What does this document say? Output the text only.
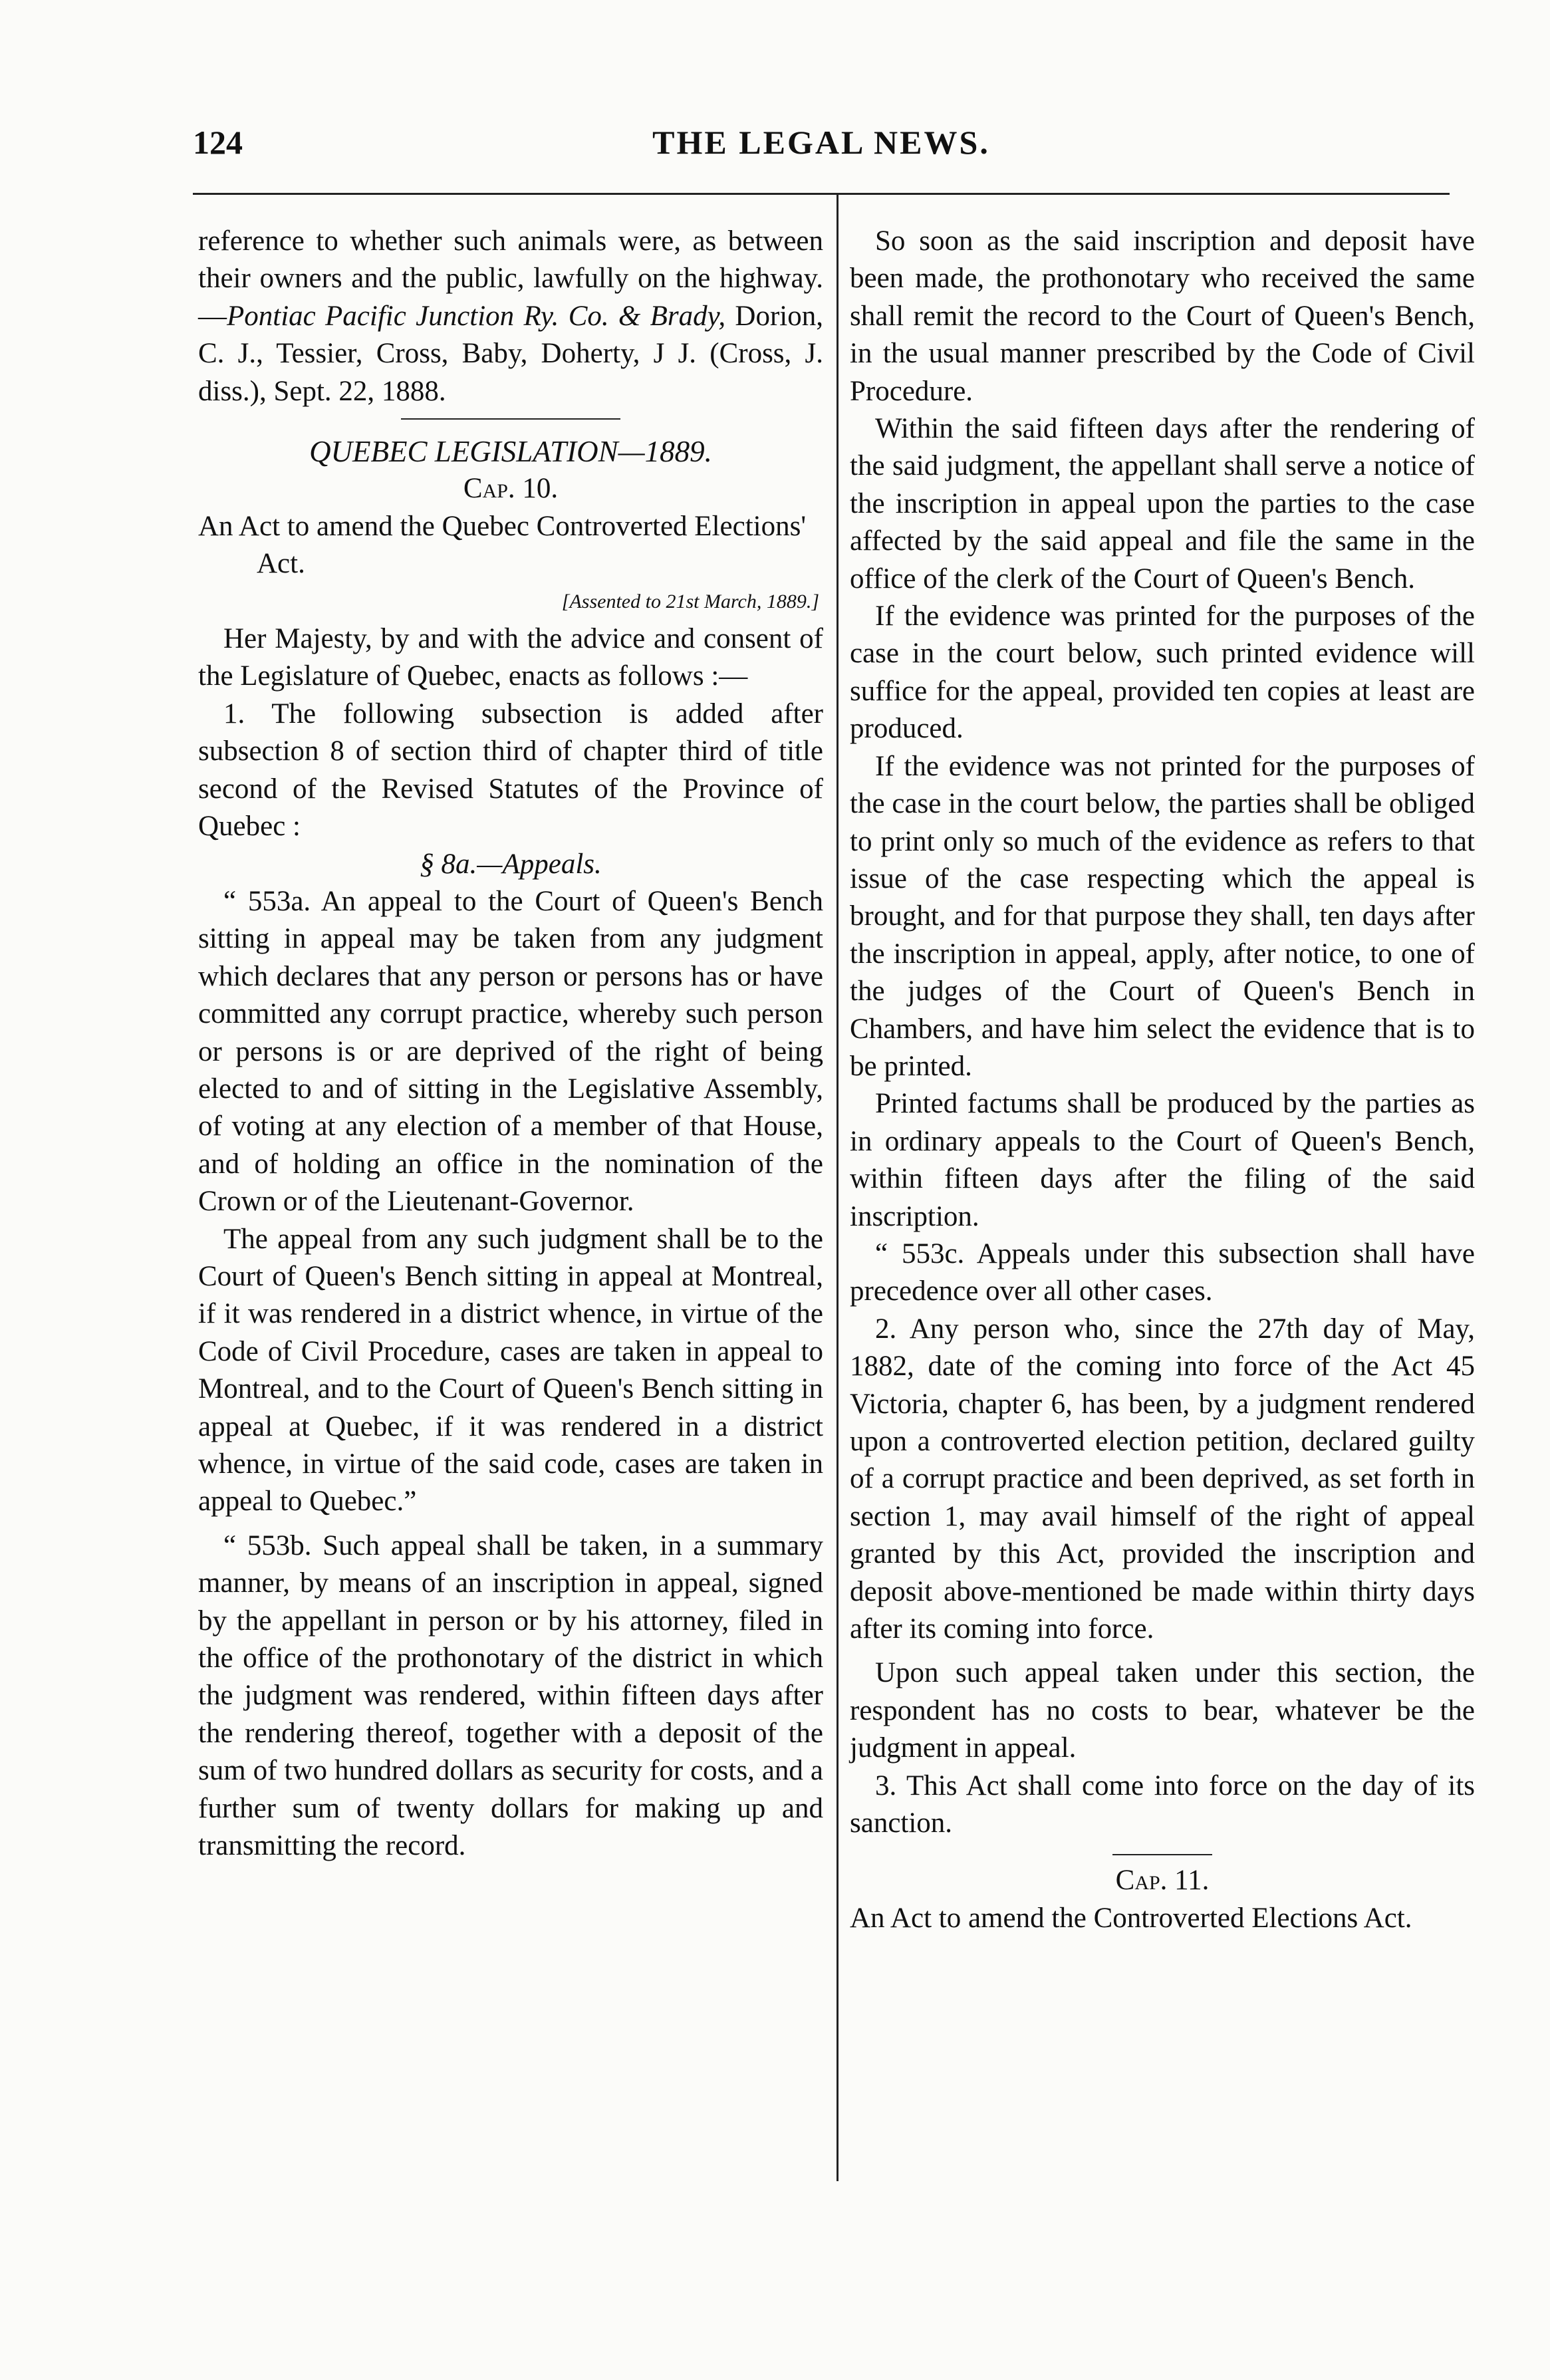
124	THE LEGAL NEWS.

reference to whether such animals were, as between their owners and the public, lawfully on the highway.—Pontiac Pacific Junction Ry. Co. & Brady, Dorion, C. J., Tessier, Cross, Baby, Doherty, J J. (Cross, J. diss.), Sept. 22, 1888.

QUEBEC LEGISLATION—1889.

Cap. 10.

An Act to amend the Quebec Controverted Elections' Act.

[Assented to 21st March, 1889.]

Her Majesty, by and with the advice and consent of the Legislature of Quebec, enacts as follows :—

1. The following subsection is added after subsection 8 of section third of chapter third of title second of the Revised Statutes of the Province of Quebec :

§ 8a.—Appeals.

“ 553a. An appeal to the Court of Queen's Bench sitting in appeal may be taken from any judgment which declares that any person or persons has or have committed any corrupt practice, whereby such person or persons is or are deprived of the right of being elected to and of sitting in the Legislative Assembly, of voting at any election of a member of that House, and of holding an office in the nomination of the Crown or of the Lieutenant-Governor.

The appeal from any such judgment shall be to the Court of Queen's Bench sitting in appeal at Montreal, if it was rendered in a district whence, in virtue of the Code of Civil Procedure, cases are taken in appeal to Montreal, and to the Court of Queen's Bench sitting in appeal at Quebec, if it was rendered in a district whence, in virtue of the said code, cases are taken in appeal to Quebec.”

“ 553b. Such appeal shall be taken, in a summary manner, by means of an inscription in appeal, signed by the appellant in person or by his attorney, filed in the office of the prothonotary of the district in which the judgment was rendered, within fifteen days after the rendering thereof, together with a deposit of the sum of two hundred dollars as security for costs, and a further sum of twenty dollars for making up and transmitting the record.

So soon as the said inscription and deposit have been made, the prothonotary who received the same shall remit the record to the Court of Queen's Bench, in the usual manner prescribed by the Code of Civil Procedure.

Within the said fifteen days after the rendering of the said judgment, the appellant shall serve a notice of the inscription in appeal upon the parties to the case affected by the said appeal and file the same in the office of the clerk of the Court of Queen's Bench.

If the evidence was printed for the purposes of the case in the court below, such printed evidence will suffice for the appeal, provided ten copies at least are produced.

If the evidence was not printed for the purposes of the case in the court below, the parties shall be obliged to print only so much of the evidence as refers to that issue of the case respecting which the appeal is brought, and for that purpose they shall, ten days after the inscription in appeal, apply, after notice, to one of the judges of the Court of Queen's Bench in Chambers, and have him select the evidence that is to be printed.

Printed factums shall be produced by the parties as in ordinary appeals to the Court of Queen's Bench, within fifteen days after the filing of the said inscription.

“ 553c. Appeals under this subsection shall have precedence over all other cases.

2. Any person who, since the 27th day of May, 1882, date of the coming into force of the Act 45 Victoria, chapter 6, has been, by a judgment rendered upon a controverted election petition, declared guilty of a corrupt practice and been deprived, as set forth in section 1, may avail himself of the right of appeal granted by this Act, provided the inscription and deposit above-mentioned be made within thirty days after its coming into force.

Upon such appeal taken under this section, the respondent has no costs to bear, whatever be the judgment in appeal.

3. This Act shall come into force on the day of its sanction.

Cap. 11.

An Act to amend the Controverted Elections Act.
